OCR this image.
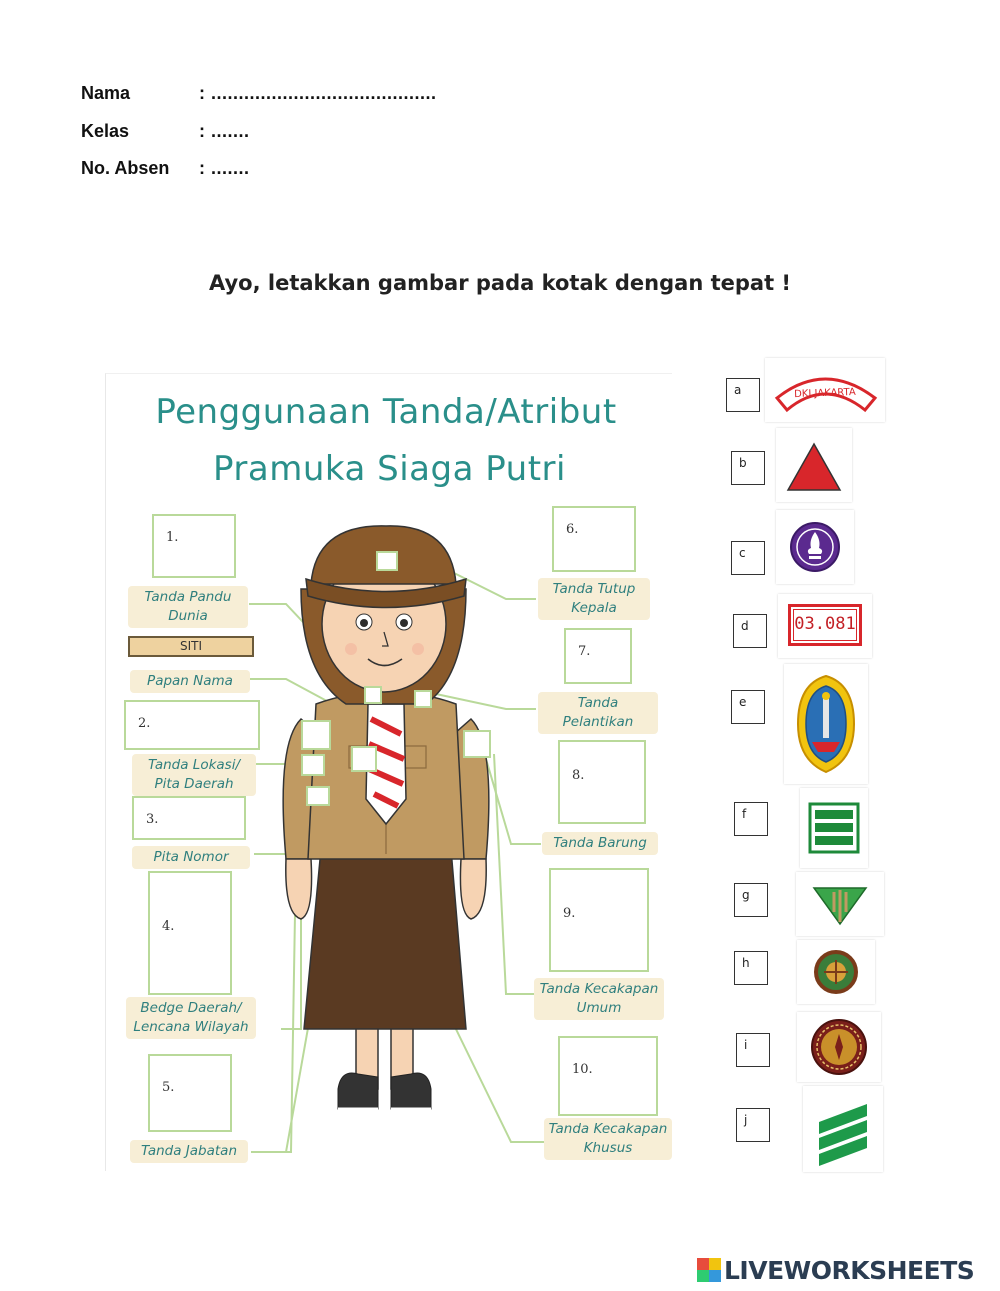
Nama	: .........................................
Kelas	: .......
No. Absen : .......
Ayo, letakkan gambar pada kotak dengan tepat !
Penggunaan Tanda/Atribut
Pramuka Siaga Putri
1.
2.
3.
4.
5.
6.
7.
8.
9.
10.
Tanda Pandu
Dunia
SITI
Papan Nama
Tanda Lokasi/
Pita Daerah
Pita Nomor
Bedge Daerah/
Lencana Wilayah
Tanda Jabatan
Tanda Tutup
Kepala
Tanda
Pelantikan
Tanda Barung
Tanda Kecakapan
Umum
Tanda Kecakapan
Khusus
a
b
c
d
e
f
g
h
i
j
DKI JAKARTA
03.081
LIVEWORKSHEETS
